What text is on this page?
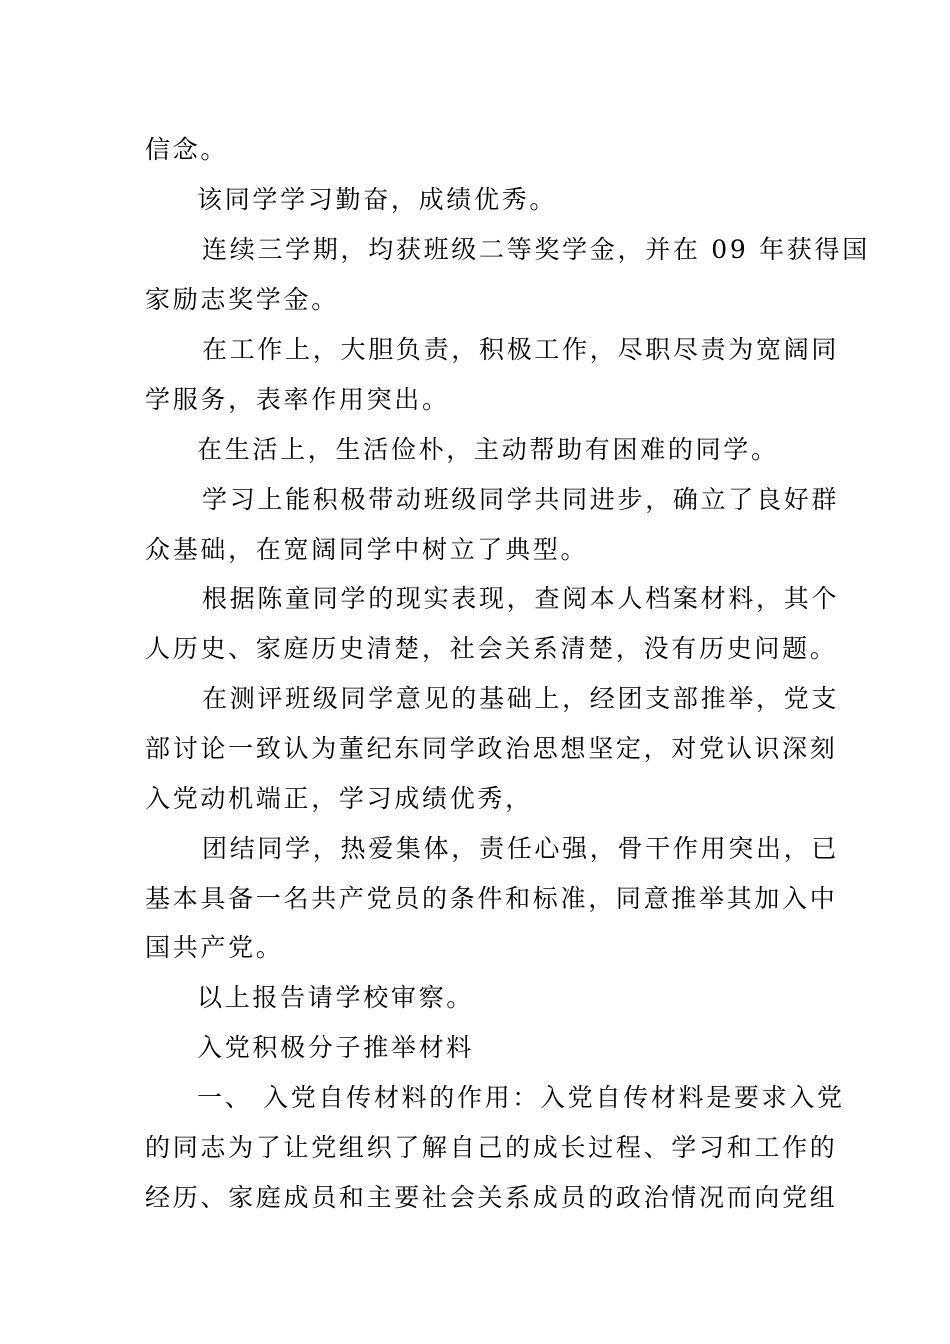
信念。

该同学学习勤奋，成绩优秀。

连续三学期，均获班级二等奖学金，并在 09 年获得国

家励志奖学金。

在工作上，大胆负责，积极工作，尽职尽责为宽阔同

学服务，表率作用突出。

在生活上，生活俭朴，主动帮助有困难的同学。

学习上能积极带动班级同学共同进步，确立了良好群

众基础，在宽阔同学中树立了典型。

根据陈童同学的现实表现，查阅本人档案材料，其个

人历史、家庭历史清楚，社会关系清楚，没有历史问题。

在测评班级同学意见的基础上，经团支部推举，党支

部讨论一致认为董纪东同学政治思想坚定，对党认识深刻

入党动机端正，学习成绩优秀，

团结同学，热爱集体，责任心强，骨干作用突出，已

基本具备一名共产党员的条件和标准，同意推举其加入中

国共产党。

以上报告请学校审察。

入党积极分子推举材料

一、 入党自传材料的作用：入党自传材料是要求入党

的同志为了让党组织了解自己的成长过程、学习和工作的

经历、家庭成员和主要社会关系成员的政治情况而向党组
